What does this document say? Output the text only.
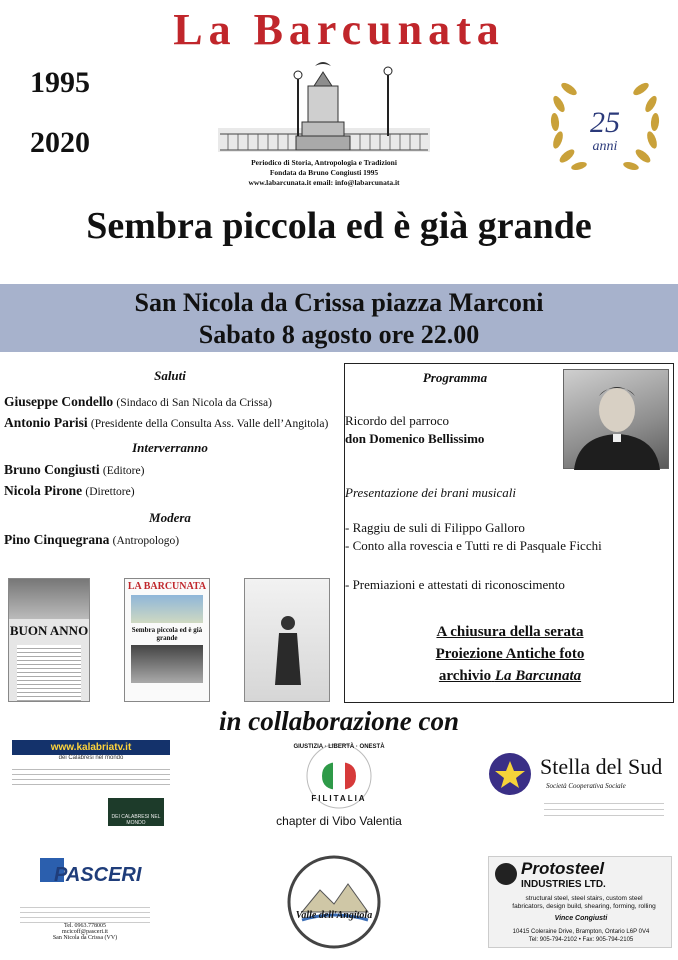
La Barcunata
1995
2020
Periodico di Storia, Antropologia e Tradizioni
Fondata da Bruno Congiusti 1995
www.labarcunata.it email: info@labarcunata.it
25
anni
Sembra piccola ed è già grande
San Nicola da Crissa piazza Marconi
Sabato 8 agosto ore 22.00
Saluti
Giuseppe Condello (Sindaco di San Nicola da Crissa)
Antonio Parisi (Presidente della Consulta Ass. Valle dell’Angitola)
Interverranno
Bruno Congiusti (Editore)
Nicola Pirone (Direttore)
Modera
Pino Cinquegrana (Antropologo)
Programma
Ricordo del parroco
don Domenico Bellissimo
Presentazione dei brani musicali
- Raggiu de suli di Filippo Galloro
- Conto alla rovescia e Tutti re di Pasquale Ficchi
- Premiazioni e attestati di riconoscimento
A chiusura della serata
Proiezione Antiche foto
archivio La Barcunata
BUON ANNO
LA BARCUNATA
Sembra piccola ed è già grande
in collaborazione con
www.kalabriatv.it
dei Calabresi nel mondo
DEI CALABRESI NEL MONDO
GIUSTIZIA · LIBERTÀ · ONESTÀ
FILITALIA
chapter di Vibo Valentia
Stella del Sud
Società Cooperativa Sociale
PASCERI
Tel. 0963.778005
mcicoff@pasceri.it
San Nicola da Crissa (VV)
Valle dell'Angitola
Protosteel
INDUSTRIES LTD.
structural steel, steel stairs, custom steel fabricators, design build, shearing, forming, rolling
Vince Congiusti
10415 Coleraine Drive, Brampton, Ontario L6P 0V4
Tel: 905-794-2102 • Fax: 905-794-2105
